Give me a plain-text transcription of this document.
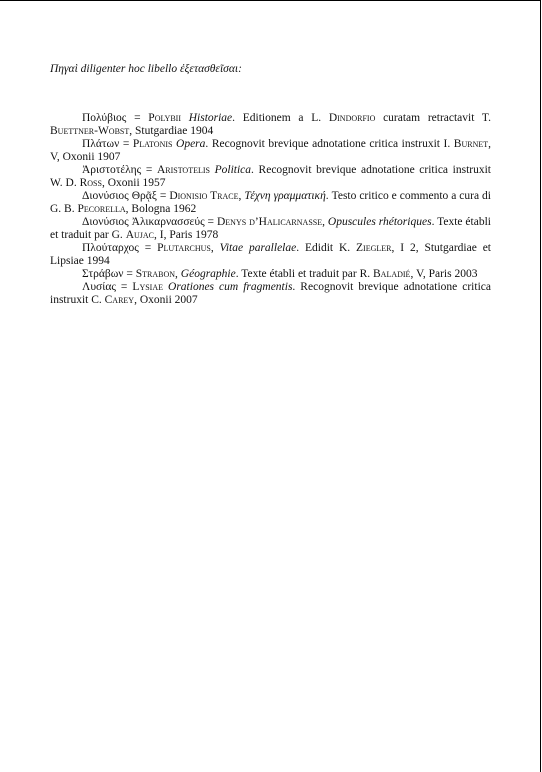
Πηγαὶ diligenter hoc libello ἐξετασθεῖσαι:

Πολύβιος = Polybii Historiae. Editionem a L. Dindorfio curatam retractavit T. Buettner-Wobst, Stutgardiae 1904

Πλάτων = Platonis Opera. Recognovit brevique adnotatione critica instruxit I. Burnet, V, Oxonii 1907

Ἀριστοτέλης = Aristotelis Politica. Recognovit brevique adnotatione critica instruxit W. D. Ross, Oxonii 1957

Διονύσιος Θρᾷξ = Dionisio Trace, Τέχνη γραμματική. Testo critico e commento a cura di G. B. Pecorella, Bologna 1962

Διονύσιος Ἀλικαρνασσεύς = Denys d’Halicarnasse, Opuscules rhétoriques. Texte établi et traduit par G. Aujac, I, Paris 1978

Πλούταρχος = Plutarchus, Vitae parallelae. Edidit K. Ziegler, I 2, Stutgardiae et Lipsiae 1994

Στράβων = Strabon, Géographie. Texte établi et traduit par R. Baladié, V, Paris 2003

Λυσίας = Lysiae Orationes cum fragmentis. Recognovit brevique adnotatione critica instruxit C. Carey, Oxonii 2007
